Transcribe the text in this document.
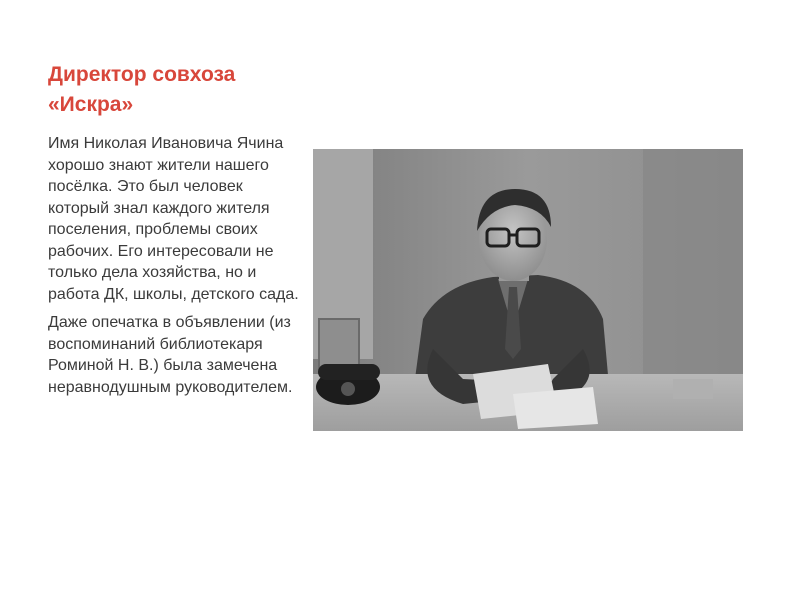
Директор совхоза
«Искра»

Имя Николая Ивановича Ячина хорошо знают жители нашего посёлка. Это был человек который знал каждого жителя поселения, проблемы своих рабочих. Его интересовали не только дела хозяйства, но и работа ДК, школы, детского сада.

Даже опечатка в объявлении (из воспоминаний библиотекаря Роминой Н. В.) была замечена неравнодушным руководителем.
